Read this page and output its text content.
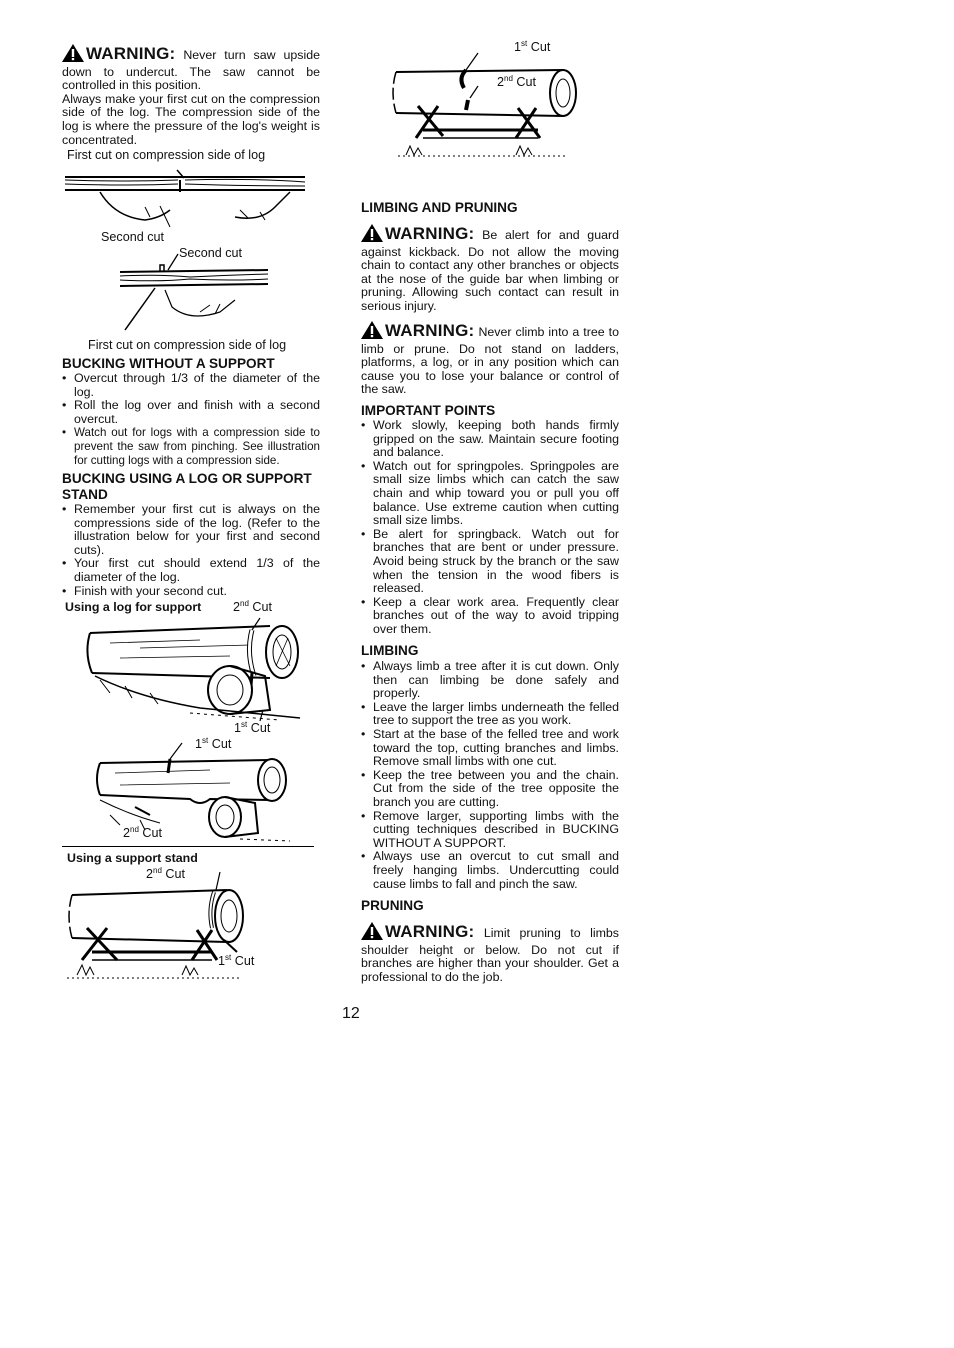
WARNING: Never turn saw upside down to undercut. The saw cannot be controlled in this position.
Always make your first cut on the compression side of the log. The compression side of the log is where the pressure of the log's weight is concentrated.
First cut on compression side of log
Second cut
Second cut
First cut on compression side of log
BUCKING WITHOUT A SUPPORT
• Overcut through 1/3 of the diameter of the log.
• Roll the log over and finish with a second overcut.
• Watch out for logs with a compression side to prevent the saw from pinching. See illustration for cutting logs with a compression side.
BUCKING USING A LOG OR SUPPORT STAND
• Remember your first cut is always on the compressions side of the log. (Refer to the illustration below for your first and second cuts).
• Your first cut should extend 1/3 of the diameter of the log.
• Finish with your second cut.
Using a log for support	2nd Cut
1st Cut
1st Cut
2nd Cut
Using a support stand
2nd Cut
1st Cut
1st Cut
2nd Cut
LIMBING AND PRUNING
WARNING: Be alert for and guard against kickback. Do not allow the moving chain to contact any other branches or objects at the nose of the guide bar when limbing or pruning. Allowing such contact can result in serious injury.
WARNING: Never climb into a tree to limb or prune. Do not stand on ladders, platforms, a log, or in any position which can cause you to lose your balance or control of the saw.
IMPORTANT POINTS
• Work slowly, keeping both hands firmly gripped on the saw. Maintain secure footing and balance.
• Watch out for springpoles. Springpoles are small size limbs which can catch the saw chain and whip toward you or pull you off balance. Use extreme caution when cutting small size limbs.
• Be alert for springback. Watch out for branches that are bent or under pressure. Avoid being struck by the branch or the saw when the tension in the wood fibers is released.
• Keep a clear work area. Frequently clear branches out of the way to avoid tripping over them.
LIMBING
• Always limb a tree after it is cut down. Only then can limbing be done safely and properly.
• Leave the larger limbs underneath the felled tree to support the tree as you work.
• Start at the base of the felled tree and work toward the top, cutting branches and limbs. Remove small limbs with one cut.
• Keep the tree between you and the chain. Cut from the side of the tree opposite the branch you are cutting.
• Remove larger, supporting limbs with the cutting techniques described in BUCKING WITHOUT A SUPPORT.
• Always use an overcut to cut small and freely hanging limbs. Undercutting could cause limbs to fall and pinch the saw.
PRUNING
WARNING: Limit pruning to limbs shoulder height or below. Do not cut if branches are higher than your shoulder. Get a professional to do the job.
12
